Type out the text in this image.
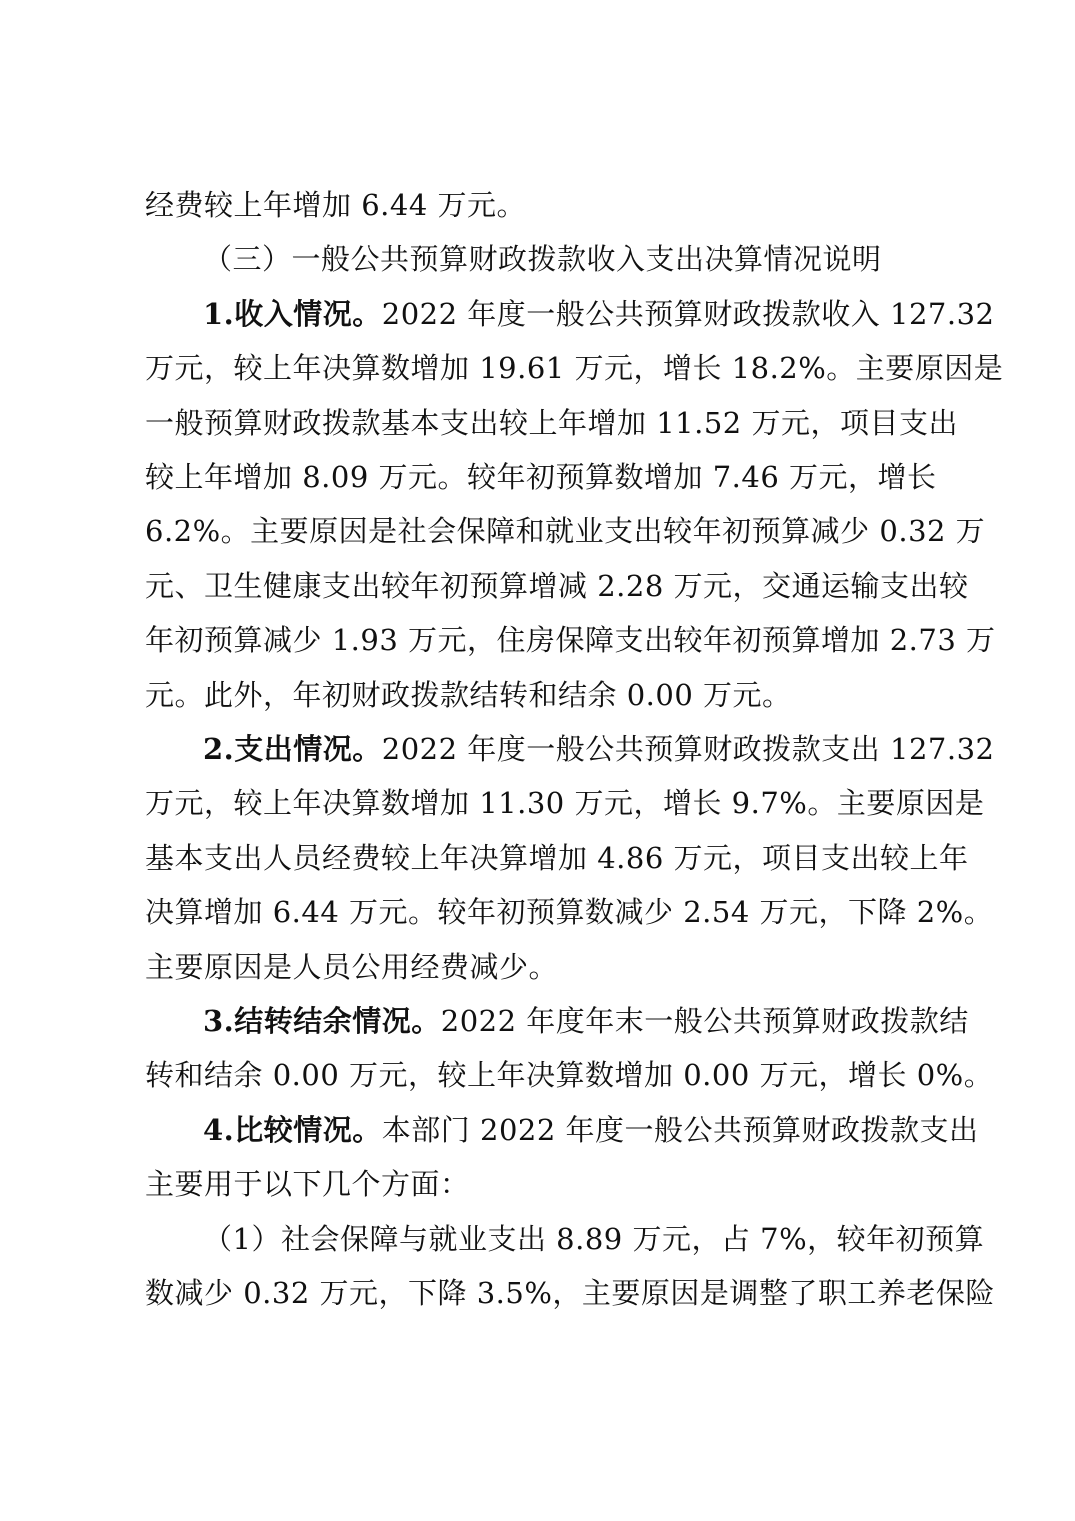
经费较上年增加 6.44 万元。
（三）一般公共预算财政拨款收入支出决算情况说明
1.收入情况。2022 年度一般公共预算财政拨款收入 127.32
万元，较上年决算数增加 19.61 万元，增长 18.2%。主要原因是
一般预算财政拨款基本支出较上年增加 11.52 万元，项目支出
较上年增加 8.09 万元。较年初预算数增加 7.46 万元，增长
6.2%。主要原因是社会保障和就业支出较年初预算减少 0.32 万
元、卫生健康支出较年初预算增减 2.28 万元，交通运输支出较
年初预算减少 1.93 万元，住房保障支出较年初预算增加 2.73 万
元。此外，年初财政拨款结转和结余 0.00 万元。
2.支出情况。2022 年度一般公共预算财政拨款支出 127.32
万元，较上年决算数增加 11.30 万元，增长 9.7%。主要原因是
基本支出人员经费较上年决算增加 4.86 万元，项目支出较上年
决算增加 6.44 万元。较年初预算数减少 2.54 万元，下降 2%。
主要原因是人员公用经费减少。
3.结转结余情况。2022 年度年末一般公共预算财政拨款结
转和结余 0.00 万元，较上年决算数增加 0.00 万元，增长 0%。
4.比较情况。本部门 2022 年度一般公共预算财政拨款支出
主要用于以下几个方面：
（1）社会保障与就业支出 8.89 万元，占 7%，较年初预算
数减少 0.32 万元，下降 3.5%，主要原因是调整了职工养老保险
